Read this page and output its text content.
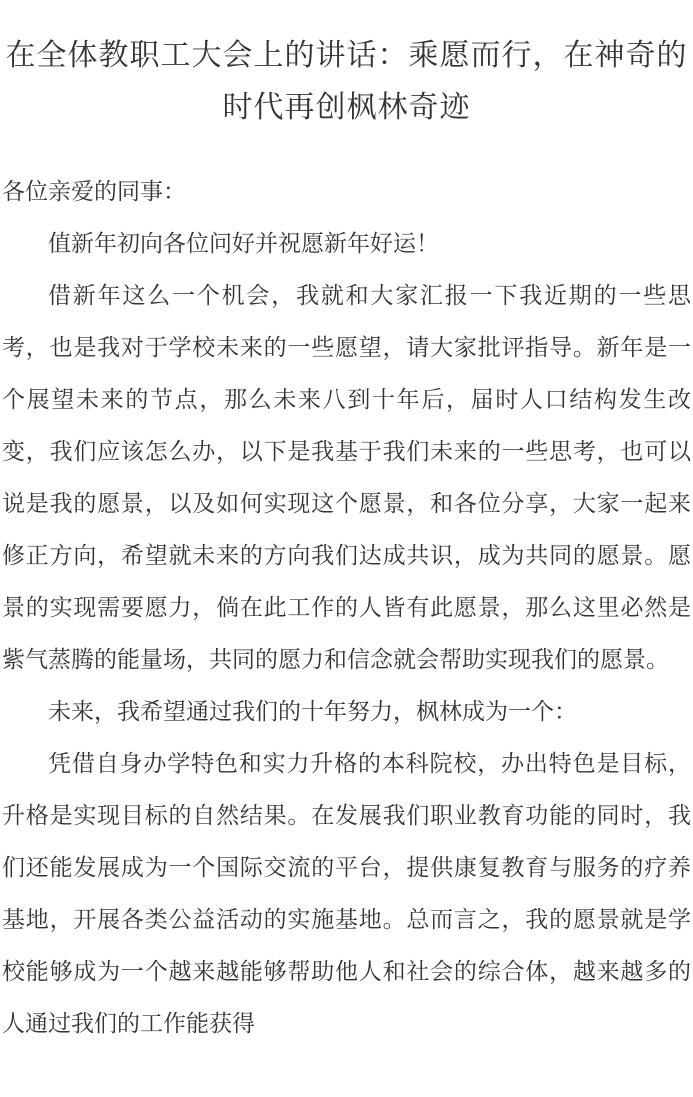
在全体教职工大会上的讲话：乘愿而行，在神奇的时代再创枫林奇迹

各位亲爱的同事：

值新年初向各位问好并祝愿新年好运！

借新年这么一个机会，我就和大家汇报一下我近期的一些思考，也是我对于学校未来的一些愿望，请大家批评指导。新年是一个展望未来的节点，那么未来八到十年后，届时人口结构发生改变，我们应该怎么办，以下是我基于我们未来的一些思考，也可以说是我的愿景，以及如何实现这个愿景，和各位分享，大家一起来修正方向，希望就未来的方向我们达成共识，成为共同的愿景。愿景的实现需要愿力，倘在此工作的人皆有此愿景，那么这里必然是紫气蒸腾的能量场，共同的愿力和信念就会帮助实现我们的愿景。

未来，我希望通过我们的十年努力，枫林成为一个：

凭借自身办学特色和实力升格的本科院校，办出特色是目标，升格是实现目标的自然结果。在发展我们职业教育功能的同时，我们还能发展成为一个国际交流的平台，提供康复教育与服务的疗养基地，开展各类公益活动的实施基地。总而言之，我的愿景就是学校能够成为一个越来越能够帮助他人和社会的综合体，越来越多的人通过我们的工作能获得
